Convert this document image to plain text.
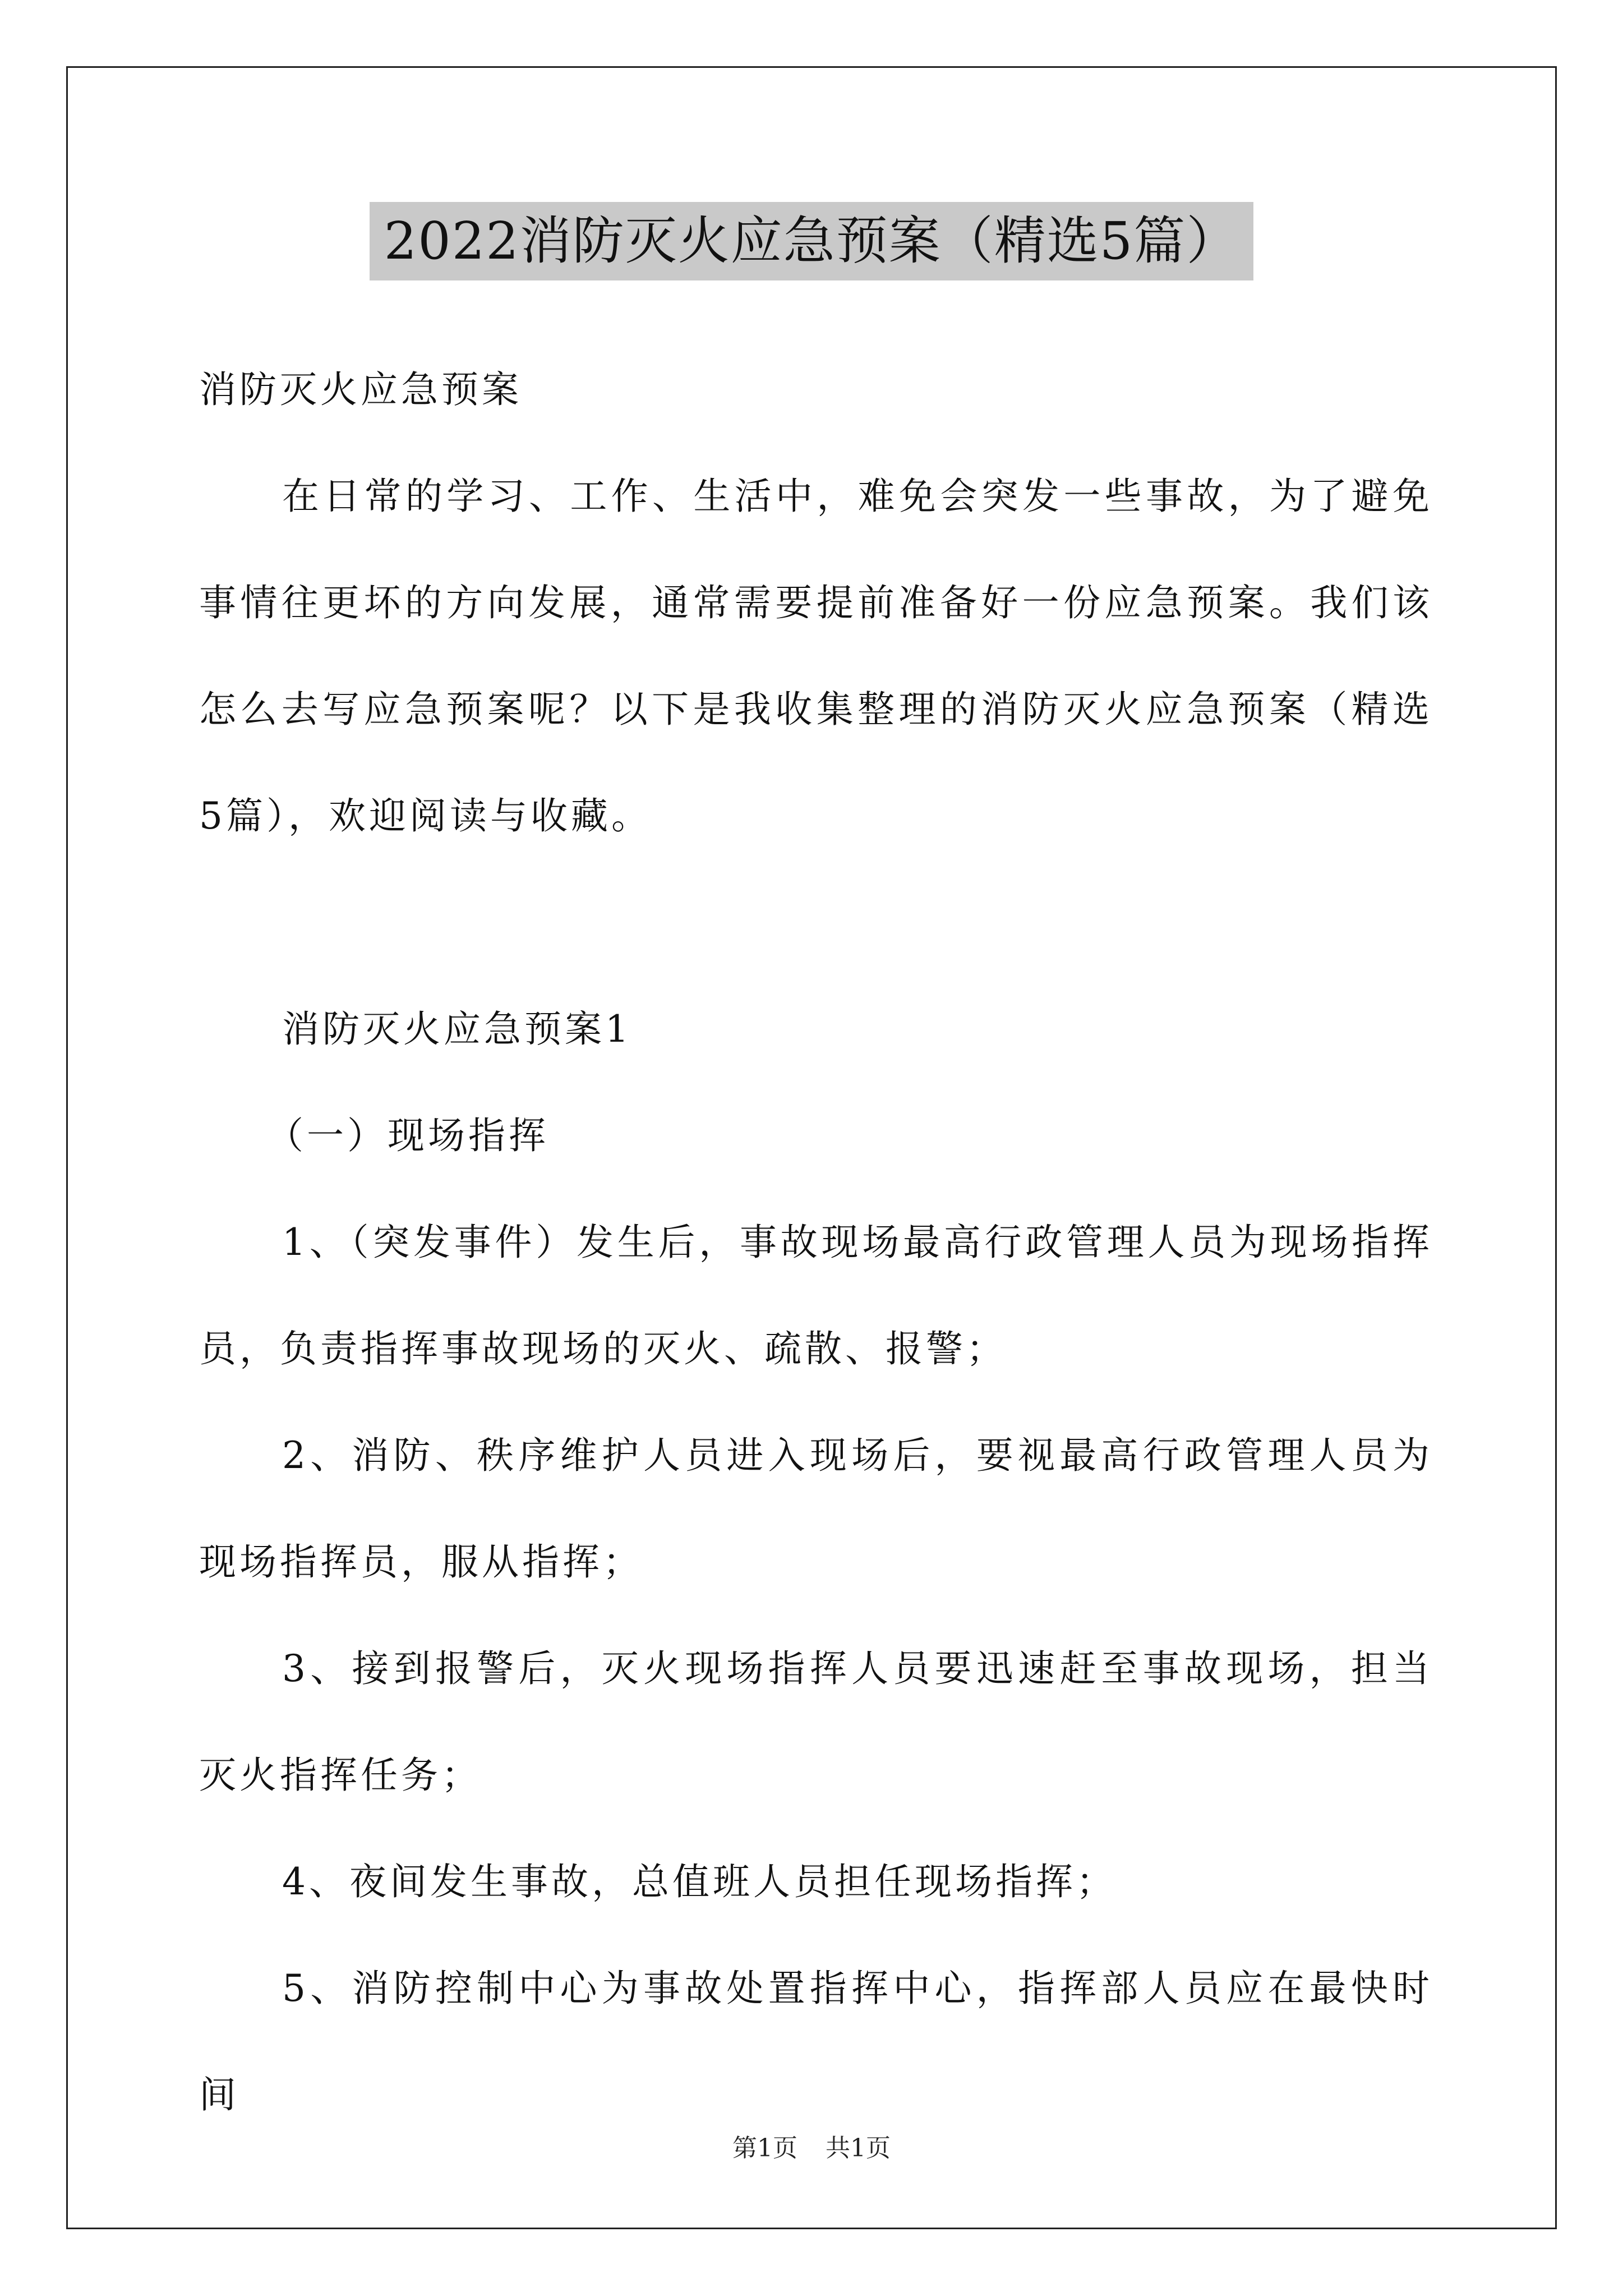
2022消防灭火应急预案（精选5篇）

消防灭火应急预案

在日常的学习、工作、生活中，难免会突发一些事故，为了避免事情往更坏的方向发展，通常需要提前准备好一份应急预案。我们该怎么去写应急预案呢？以下是我收集整理的消防灭火应急预案（精选5篇），欢迎阅读与收藏。

消防灭火应急预案1

（一）现场指挥

1、（突发事件）发生后，事故现场最高行政管理人员为现场指挥员，负责指挥事故现场的灭火、疏散、报警；

2、消防、秩序维护人员进入现场后，要视最高行政管理人员为现场指挥员，服从指挥；

3、接到报警后，灭火现场指挥人员要迅速赶至事故现场，担当灭火指挥任务；

4、夜间发生事故，总值班人员担任现场指挥；

5、消防控制中心为事故处置指挥中心，指挥部人员应在最快时间

第1页 共1页
